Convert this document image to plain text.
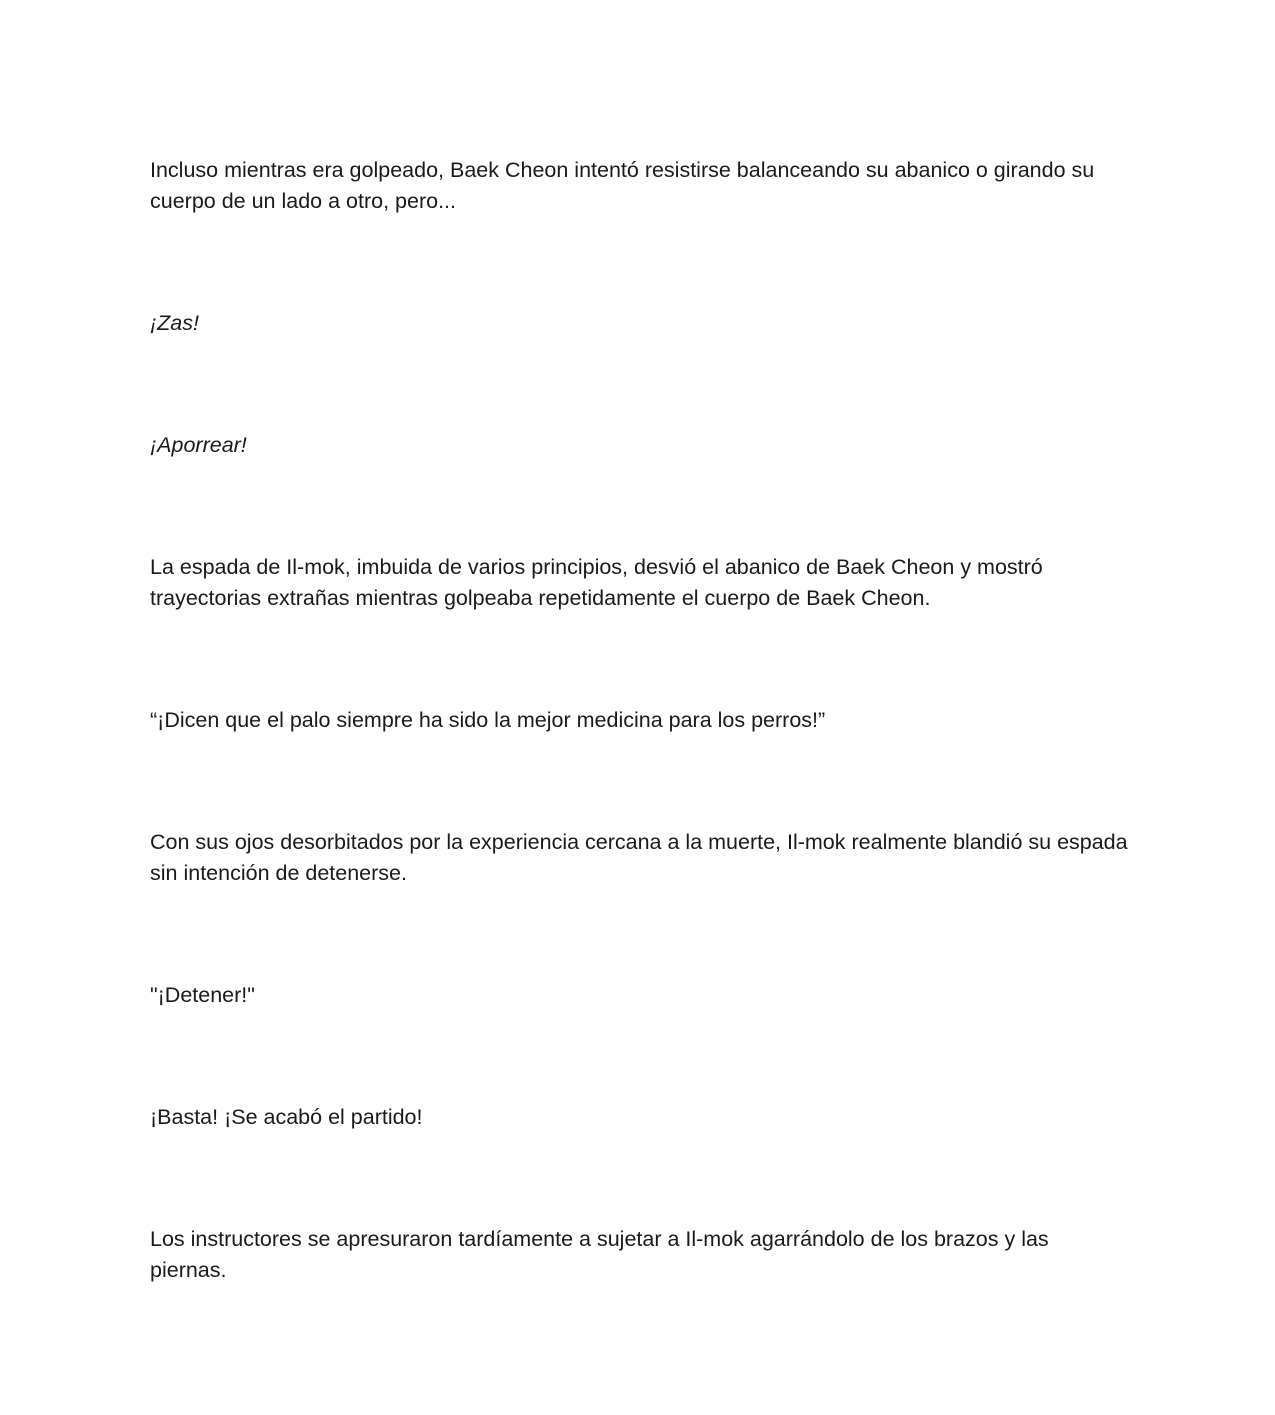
Incluso mientras era golpeado, Baek Cheon intentó resistirse balanceando su abanico o girando su cuerpo de un lado a otro, pero...

¡Zas!

¡Aporrear!

La espada de Il-mok, imbuida de varios principios, desvió el abanico de Baek Cheon y mostró trayectorias extrañas mientras golpeaba repetidamente el cuerpo de Baek Cheon.

“¡Dicen que el palo siempre ha sido la mejor medicina para los perros!”

Con sus ojos desorbitados por la experiencia cercana a la muerte, Il-mok realmente blandió su espada sin intención de detenerse.

"¡Detener!"

¡Basta! ¡Se acabó el partido!

Los instructores se apresuraron tardíamente a sujetar a Il-mok agarrándolo de los brazos y las piernas.
